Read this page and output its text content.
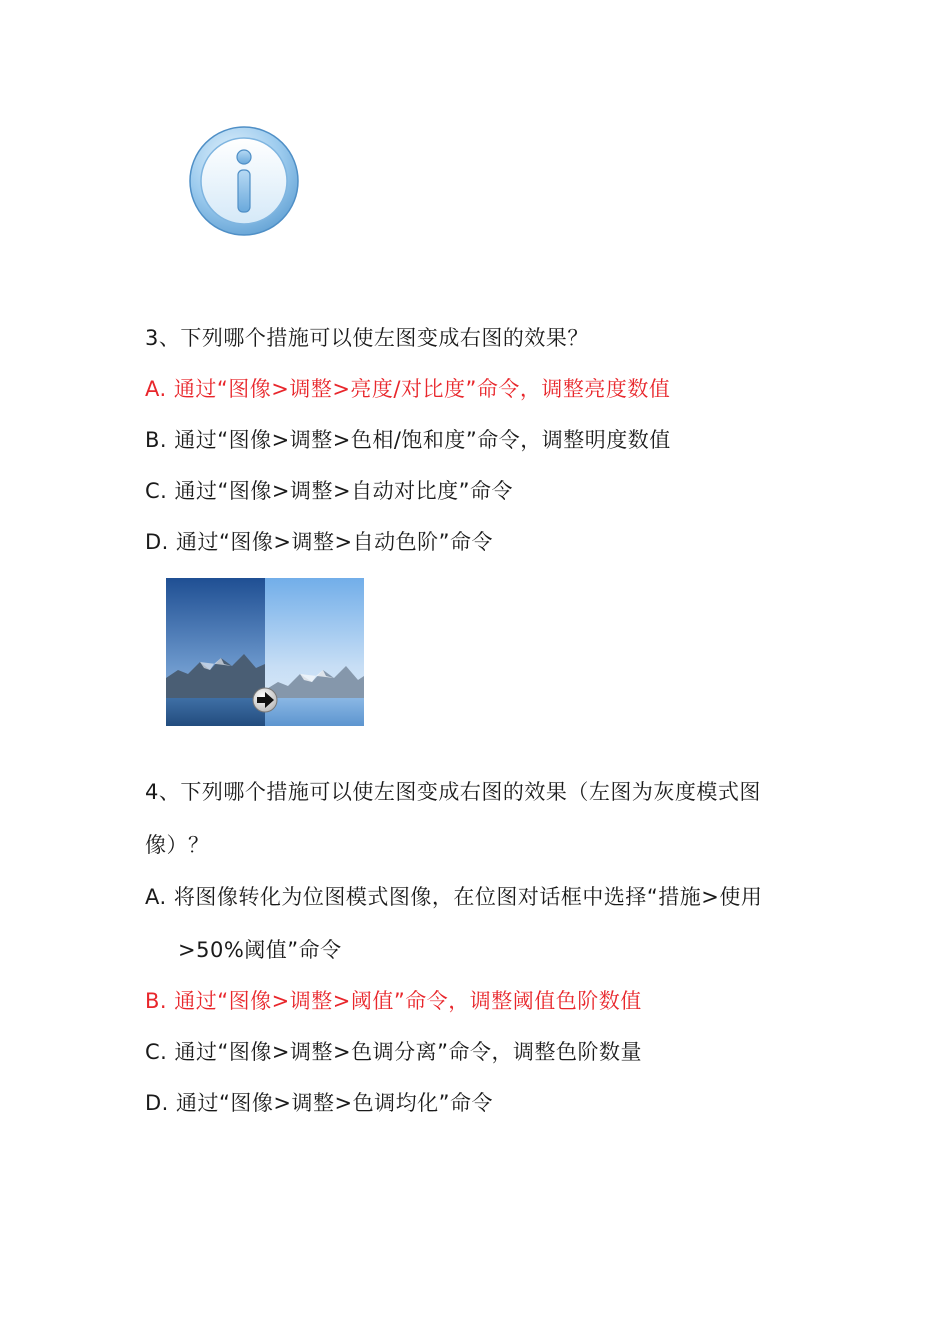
3、下列哪个措施可以使左图变成右图的效果？
A. 通过“图像>调整>亮度/对比度”命令，调整亮度数值
B. 通过“图像>调整>色相/饱和度”命令，调整明度数值
C. 通过“图像>调整>自动对比度”命令
D. 通过“图像>调整>自动色阶”命令
4、下列哪个措施可以使左图变成右图的效果（左图为灰度模式图
像）？
A. 将图像转化为位图模式图像，在位图对话框中选择“措施>使用
>50%阈值”命令
B. 通过“图像>调整>阈值”命令，调整阈值色阶数值
C. 通过“图像>调整>色调分离”命令，调整色阶数量
D. 通过“图像>调整>色调均化”命令
